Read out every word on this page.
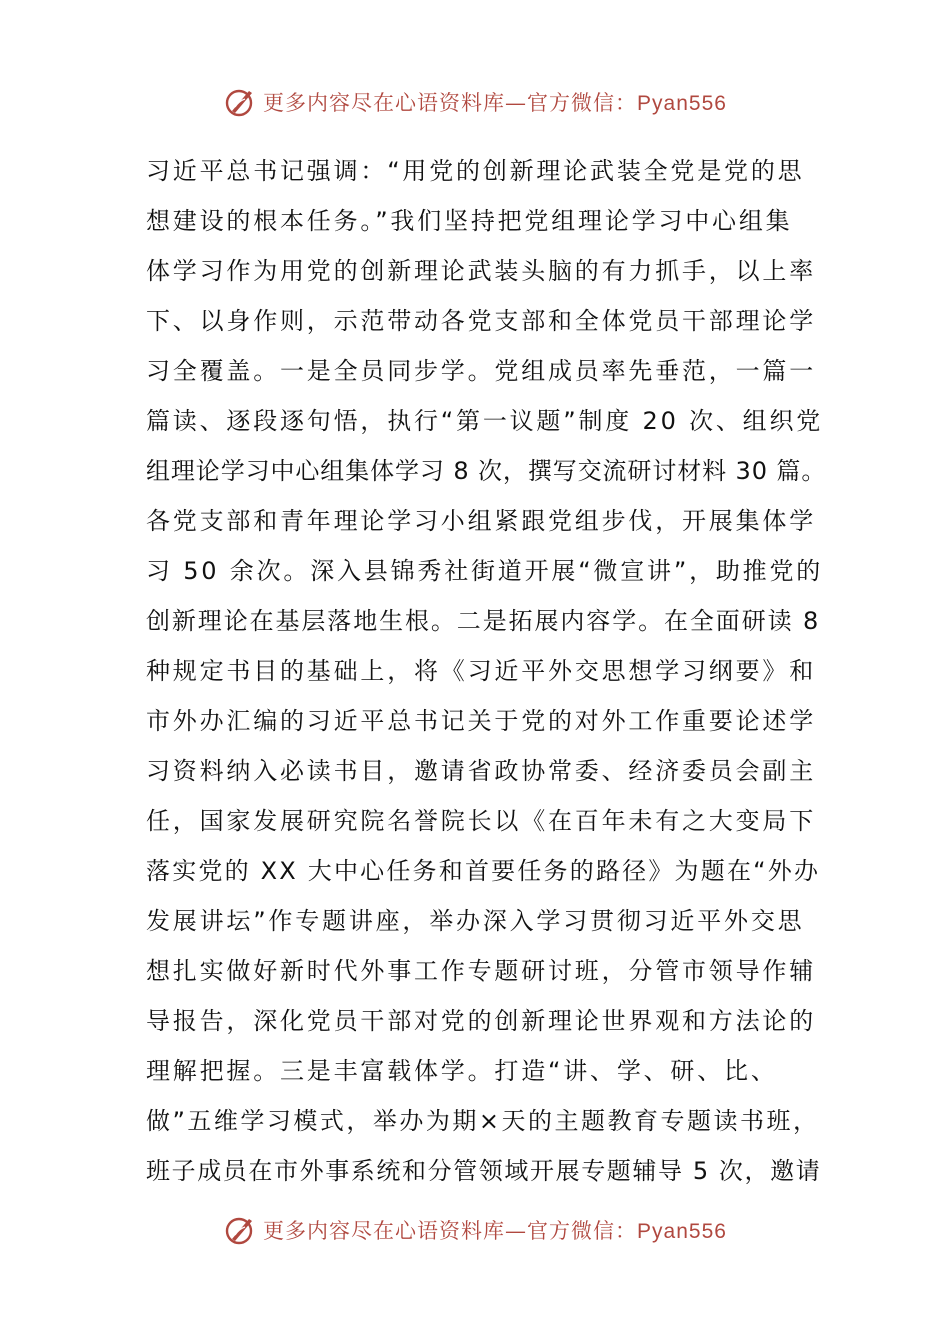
更多内容尽在心语资料库—官方微信：Pyan556
习近平总书记强调：“用党的创新理论武装全党是党的思
想建设的根本任务。”我们坚持把党组理论学习中心组集
体学习作为用党的创新理论武装头脑的有力抓手，以上率
下、以身作则，示范带动各党支部和全体党员干部理论学
习全覆盖。一是全员同步学。党组成员率先垂范，一篇一
篇读、逐段逐句悟，执行“第一议题”制度 20 次、组织党
组理论学习中心组集体学习 8 次，撰写交流研讨材料 30 篇。
各党支部和青年理论学习小组紧跟党组步伐，开展集体学
习 50 余次。深入县锦秀社街道开展“微宣讲”，助推党的
创新理论在基层落地生根。二是拓展内容学。在全面研读 8
种规定书目的基础上，将《习近平外交思想学习纲要》和
市外办汇编的习近平总书记关于党的对外工作重要论述学
习资料纳入必读书目，邀请省政协常委、经济委员会副主
任，国家发展研究院名誉院长以《在百年未有之大变局下
落实党的 XX 大中心任务和首要任务的路径》为题在“外办
发展讲坛”作专题讲座，举办深入学习贯彻习近平外交思
想扎实做好新时代外事工作专题研讨班，分管市领导作辅
导报告，深化党员干部对党的创新理论世界观和方法论的
理解把握。三是丰富载体学。打造“讲、学、研、比、
做”五维学习模式，举办为期×天的主题教育专题读书班，
班子成员在市外事系统和分管领域开展专题辅导 5 次，邀请
更多内容尽在心语资料库—官方微信：Pyan556
